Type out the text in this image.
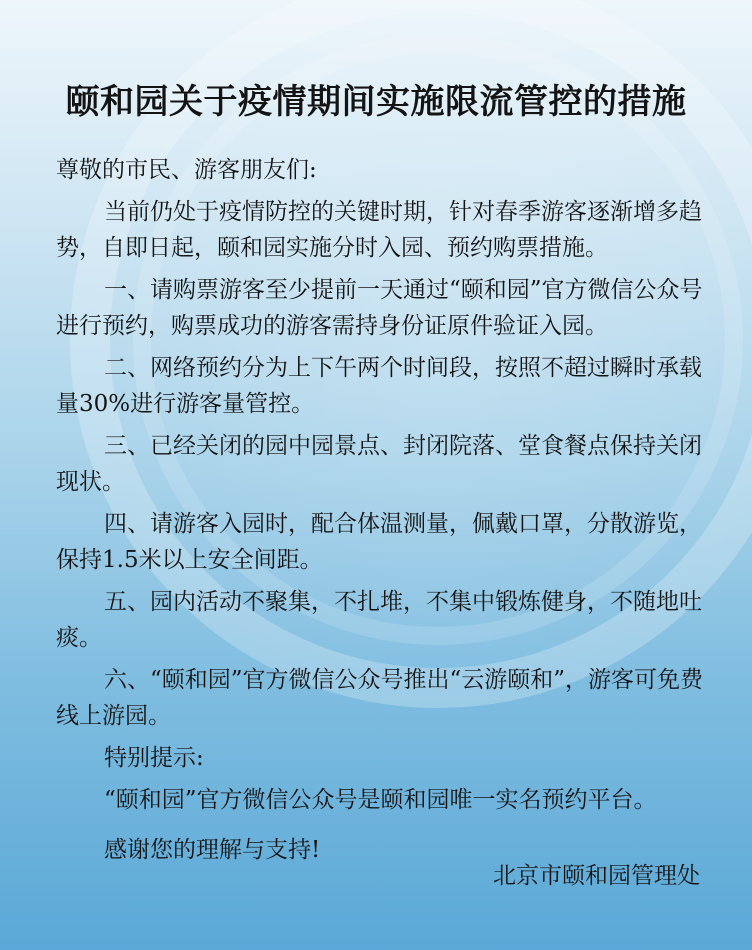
颐和园关于疫情期间实施限流管控的措施

尊敬的市民、游客朋友们:

当前仍处于疫情防控的关键时期，针对春季游客逐渐增多趋势，自即日起，颐和园实施分时入园、预约购票措施。

一、请购票游客至少提前一天通过“颐和园”官方微信公众号进行预约，购票成功的游客需持身份证原件验证入园。

二、网络预约分为上下午两个时间段，按照不超过瞬时承载量30%进行游客量管控。

三、已经关闭的园中园景点、封闭院落、堂食餐点保持关闭现状。

四、请游客入园时，配合体温测量，佩戴口罩，分散游览，保持1.5米以上安全间距。

五、园内活动不聚集，不扎堆，不集中锻炼健身，不随地吐痰。

六、“颐和园”官方微信公众号推出“云游颐和”，游客可免费线上游园。

特别提示:

“颐和园”官方微信公众号是颐和园唯一实名预约平台。

感谢您的理解与支持!

北京市颐和园管理处
